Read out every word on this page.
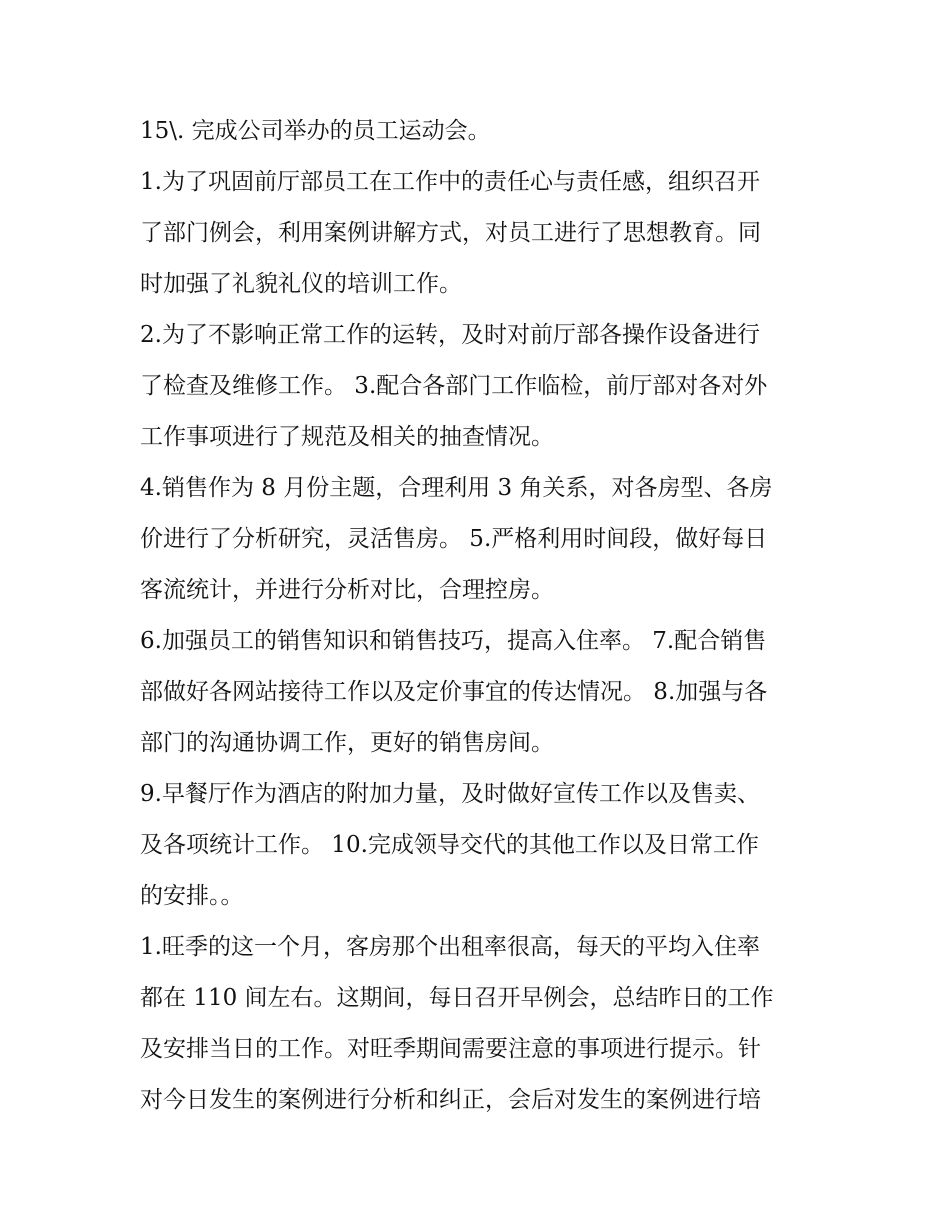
15\. 完成公司举办的员工运动会。

1.为了巩固前厅部员工在工作中的责任心与责任感，组织召开
了部门例会，利用案例讲解方式，对员工进行了思想教育。同
时加强了礼貌礼仪的培训工作。

2.为了不影响正常工作的运转，及时对前厅部各操作设备进行
了检查及维修工作。 3.配合各部门工作临检，前厅部对各对外
工作事项进行了规范及相关的抽查情况。

4.销售作为 8 月份主题，合理利用 3 角关系，对各房型、各房
价进行了分析研究，灵活售房。 5.严格利用时间段，做好每日
客流统计，并进行分析对比，合理控房。

6.加强员工的销售知识和销售技巧，提高入住率。 7.配合销售
部做好各网站接待工作以及定价事宜的传达情况。 8.加强与各
部门的沟通协调工作，更好的销售房间。

9.早餐厅作为酒店的附加力量，及时做好宣传工作以及售卖、
及各项统计工作。 10.完成领导交代的其他工作以及日常工作
的安排。。

1.旺季的这一个月，客房那个出租率很高，每天的平均入住率
都在 110 间左右。这期间，每日召开早例会，总结昨日的工作
及安排当日的工作。对旺季期间需要注意的事项进行提示。针
对今日发生的案例进行分析和纠正，会后对发生的案例进行培
